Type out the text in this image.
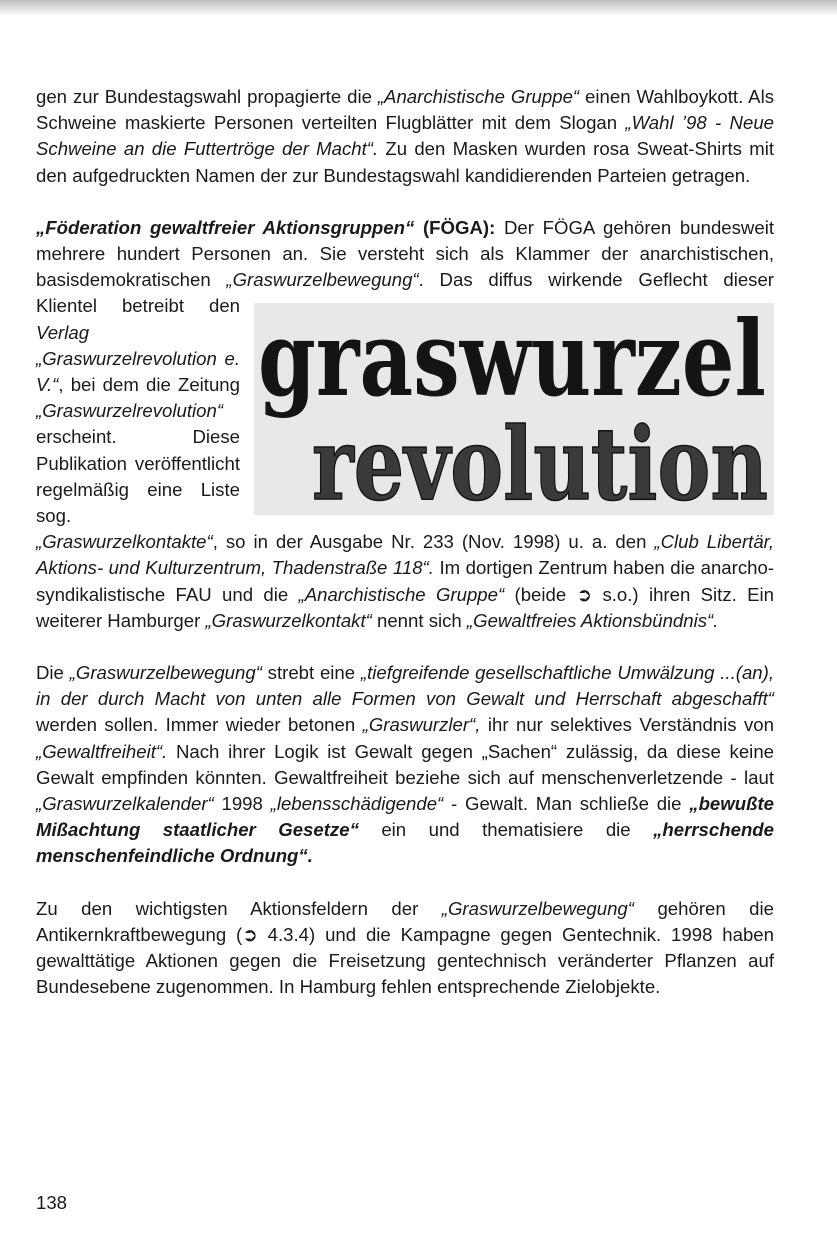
gen zur Bundestagswahl propagierte die „Anarchistische Gruppe“ einen Wahlboykott. Als Schweine maskierte Personen verteilten Flugblätter mit dem Slogan „Wahl ’98 - Neue Schweine an die Futtertröge der Macht“. Zu den Masken wurden rosa Sweat-Shirts mit den aufgedruckten Namen der zur Bundestagswahl kandidierenden Parteien getragen.

„Föderation gewaltfreier Aktionsgruppen“ (FÖGA): Der FÖGA gehören bundesweit mehrere hundert Personen an. Sie versteht sich als Klammer der anarchistischen, basisdemokratischen „Graswurzelbewegung“. Das diffus wirkende Geflecht dieser Klientel betreibt den graswurzel
revolution
Verlag „Graswurzelrevolution e. V.“, bei dem die Zeitung „Graswurzelrevolution“ erscheint. Diese Publikation veröffentlicht regelmäßig eine Liste sog. „Graswurzelkontakte“, so in der Ausgabe Nr. 233 (Nov. 1998) u. a. den „Club Libertär, Aktions- und Kulturzentrum, Thadenstraße 118“. Im dortigen Zentrum haben die anarcho-syndikalistische FAU und die „Anarchistische Gruppe“ (beide ➲ s.o.) ihren Sitz. Ein weiterer Hamburger „Graswurzelkontakt“ nennt sich „Gewaltfreies Aktionsbündnis“.

Die „Graswurzelbewegung“ strebt eine „tiefgreifende gesellschaftliche Umwälzung ...(an), in der durch Macht von unten alle Formen von Gewalt und Herrschaft abgeschafft“ werden sollen. Immer wieder betonen „Graswurzler“, ihr nur selektives Verständnis von „Gewaltfreiheit“. Nach ihrer Logik ist Gewalt gegen „Sachen“ zulässig, da diese keine Gewalt empfinden könnten. Gewaltfreiheit beziehe sich auf menschenverletzende - laut „Graswurzelkalender“ 1998 „lebensschädigende“ - Gewalt. Man schließe die „bewußte Mißachtung staatlicher Gesetze“ ein und thematisiere die „herrschende menschenfeindliche Ordnung“.

Zu den wichtigsten Aktionsfeldern der „Graswurzelbewegung“ gehören die Antikernkraftbewegung (➲ 4.3.4) und die Kampagne gegen Gentechnik. 1998 haben gewalttätige Aktionen gegen die Freisetzung gentechnisch veränderter Pflanzen auf Bundesebene zugenommen. In Hamburg fehlen entsprechende Zielobjekte.

138
